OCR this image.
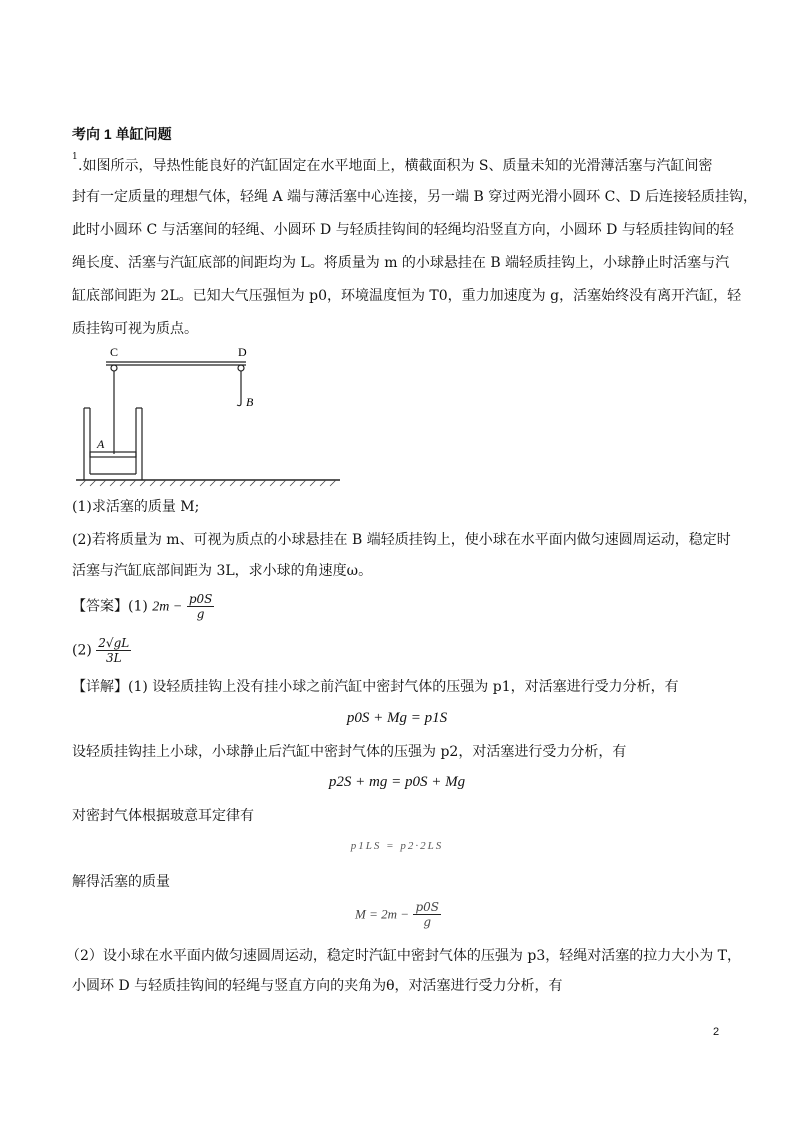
考向 1 单缸问题
1
.如图所示，导热性能良好的汽缸固定在水平地面上，横截面积为 S、质量未知的光滑薄活塞与汽缸间密
封有一定质量的理想气体，轻绳 A 端与薄活塞中心连接，另一端 B 穿过两光滑小圆环 C、D 后连接轻质挂钩，
此时小圆环 C 与活塞间的轻绳、小圆环 D 与轻质挂钩间的轻绳均沿竖直方向，小圆环 D 与轻质挂钩间的轻
绳长度、活塞与汽缸底部的间距均为 L。将质量为 m 的小球悬挂在 B 端轻质挂钩上，小球静止时活塞与汽
缸底部间距为 2L。已知大气压强恒为 p0，环境温度恒为 T0，重力加速度为 g，活塞始终没有离开汽缸，轻
质挂钩可视为质点。
C	D
B
A
(1)求活塞的质量 M;
(2)若将质量为 m、可视为质点的小球悬挂在 B 端轻质挂钩上，使小球在水平面内做匀速圆周运动，稳定时
活塞与汽缸底部间距为 3L，求小球的角速度ω。
【答案】(1) $2m - \frac{p0S}{g}$
$(2) \frac{2√gL}{3L}$
【详解】(1) 设轻质挂钩上没有挂小球之前汽缸中密封气体的压强为 p1，对活塞进行受力分析，有
p0S + Mg = p1S
设轻质挂钩挂上小球，小球静止后汽缸中密封气体的压强为 p2，对活塞进行受力分析，有
p2S + mg = p0S + Mg
对密封气体根据玻意耳定律有
p1LS = p2·2LS
解得活塞的质量
$M = 2m - \frac{p0S}{g}$
（2）设小球在水平面内做匀速圆周运动，稳定时汽缸中密封气体的压强为 p3，轻绳对活塞的拉力大小为 T，
小圆环 D 与轻质挂钩间的轻绳与竖直方向的夹角为θ，对活塞进行受力分析，有
2
